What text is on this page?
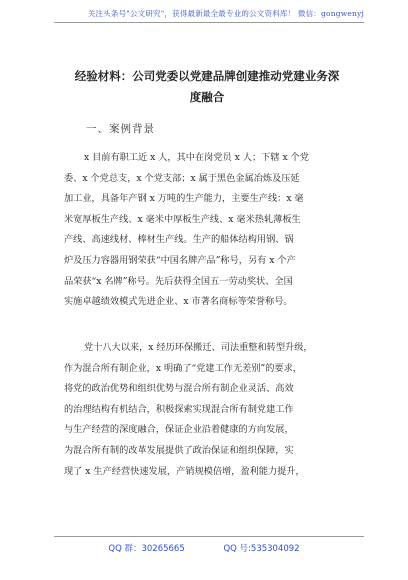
关注头条号"公文研究"，获得最新最全最专业的公文资料库！ 微信：gongwenyj
经验材料：公司党委以党建品牌创建推动党建业务深度融合
一、案例背景
x 目前有职工近 x 人，其中在岗党员 x 人；下辖 x 个党
委、x 个党总支，x 个党支部；x 属于黑色金属冶炼及压延
加工业，具备年产钢 x 万吨的生产能力，主要生产线：x 毫
米宽厚板生产线、x 毫米中厚板生产线、x 毫米热轧薄板生
产线、高速线材、棒材生产线。生产的船体结构用钢、锅
炉及压力容器用钢荣获“中国名牌产品”称号，另有 x 个产
品荣获“x 名牌”称号。先后获得全国五一劳动奖状、全国
实施卓越绩效模式先进企业、x 市著名商标等荣誉称号。
党十八大以来，x 经历环保搬迁、司法重整和转型升级，
作为混合所有制企业，x 明确了“党建工作无差别”的要求，
将党的政治优势和组织优势与混合所有制企业灵活、高效
的治理结构有机结合，积极探索实现混合所有制党建工作
与生产经营的深度融合，保证企业沿着健康的方向发展，
为混合所有制的改革发展提供了政治保证和组织保障，实
现了 x 生产经营快速发展，产销规模倍增，盈利能力提升，
QQ 群：30265665	QQ 号:535304092
